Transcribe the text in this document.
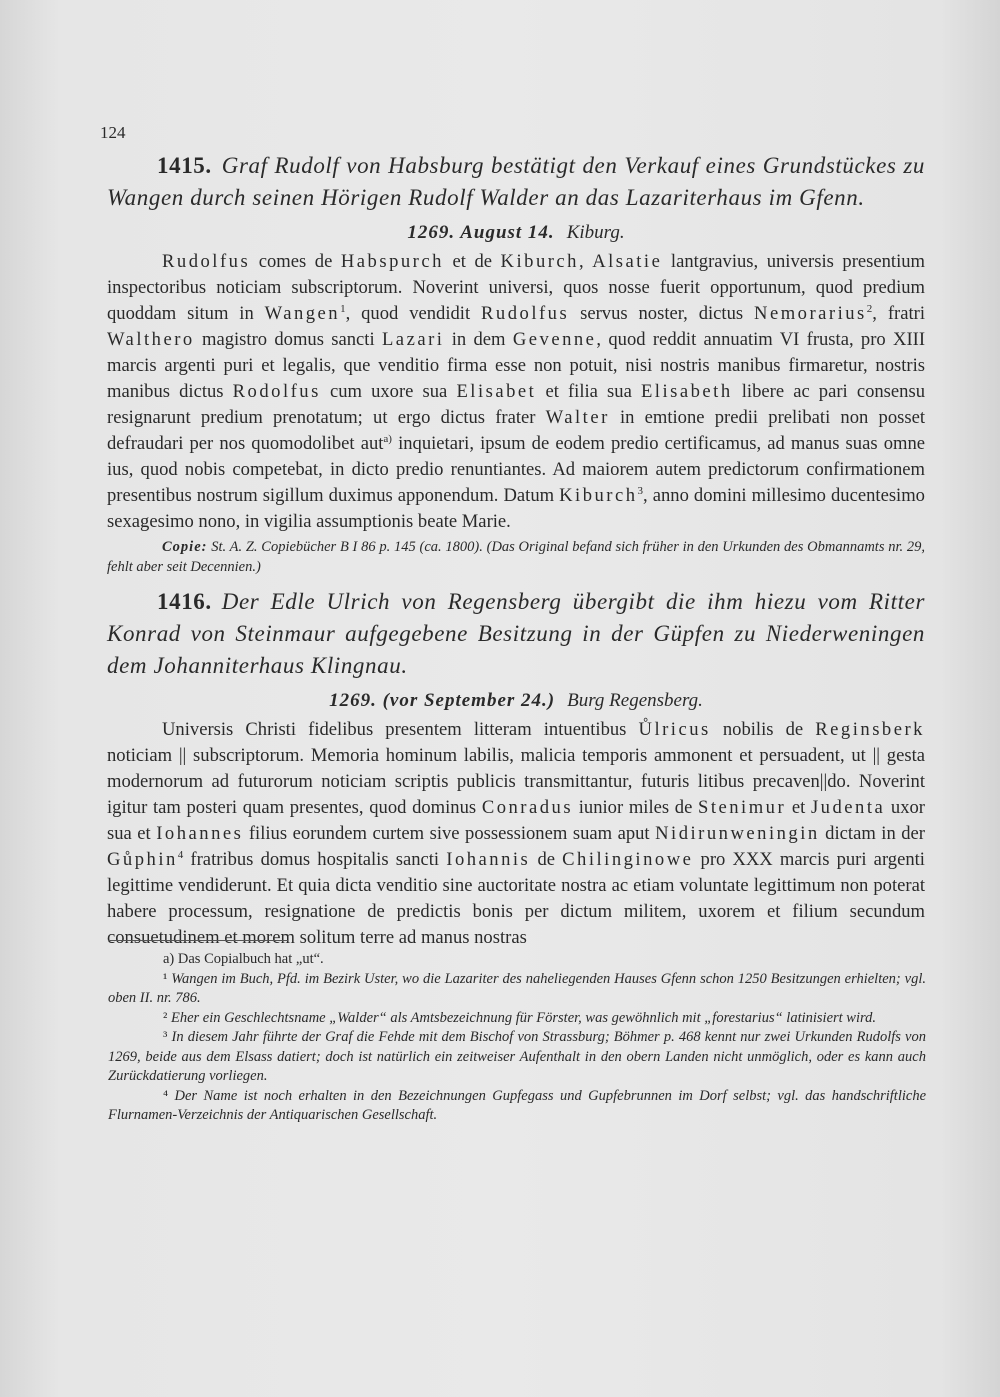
124
1415. Graf Rudolf von Habsburg bestätigt den Verkauf eines Grundstückes zu Wangen durch seinen Hörigen Rudolf Walder an das Lazariterhaus im Gfenn.
1269. August 14. Kiburg.

Rudolfus comes de Habspurch et de Kiburch, Alsatie lantgravius, universis presentium inspectoribus noticiam subscriptorum. Noverint universi, quos nosse fuerit opportunum, quod predium quoddam situm in Wangen$^1$, quod vendidit Rudolfus servus noster, dictus Nemorarius$^2$, fratri Walthero magistro domus sancti Lazari in dem Gevenne, quod reddit annuatim VI frusta, pro XIII marcis argenti puri et legalis, que venditio firma esse non potuit, nisi nostris manibus firmaretur, nostris manibus dictus Rodolfus cum uxore sua Elisabet et filia sua Elisabeth libere ac pari consensu resignarunt predium prenotatum; ut ergo dictus frater Walter in emtione predii prelibati non posset defraudari per nos quomodolibet aut$^{a)}$ inquietari, ipsum de eodem predio certificamus, ad manus suas omne ius, quod nobis competebat, in dicto predio renuntiantes. Ad maiorem autem predictorum confirmationem presentibus nostrum sigillum duximus apponendum. Datum Kiburch$^3$, anno domini millesimo ducentesimo sexagesimo nono, in vigilia assumptionis beate Marie.

Copie: St. A. Z. Copiebücher B I 86 p. 145 (ca. 1800). (Das Original befand sich früher in den Urkunden des Obmannamts nr. 29, fehlt aber seit Decennien.)
1416. Der Edle Ulrich von Regensberg übergibt die ihm hiezu vom Ritter Konrad von Steinmaur aufgegebene Besitzung in der Güpfen zu Niederweningen dem Johanniterhaus Klingnau.
1269. (vor September 24.) Burg Regensberg.

Universis Christi fidelibus presentem litteram intuentibus Ůlricus nobilis de Reginsberk noticiam || subscriptorum. Memoria hominum labilis, malicia temporis ammonent et persuadent, ut || gesta modernorum ad futurorum noticiam scriptis publicis transmittantur, futuris litibus precaven||do. Noverint igitur tam posteri quam presentes, quod dominus Conradus iunior miles de Stenimur et Judenta uxor sua et Iohannes filius eorundem curtem sive possessionem suam aput Nidirunweningin dictam in der Gůphin$^4$ fratribus domus hospitalis sancti Iohannis de Chilinginowe pro XXX marcis puri argenti legittime vendiderunt. Et quia dicta venditio sine auctoritate nostra ac etiam voluntate legittimum non poterat habere processum, resignatione de predictis bonis per dictum militem, uxorem et filium secundum consuetudinem et morem solitum terre ad manus nostras

a) Das Copialbuch hat „ut“.

¹ Wangen im Buch, Pfd. im Bezirk Uster, wo die Lazariter des naheliegenden Hauses Gfenn schon 1250 Besitzungen erhielten; vgl. oben II. nr. 786.

² Eher ein Geschlechtsname „Walder“ als Amtsbezeichnung für Förster, was gewöhnlich mit „forestarius“ latinisiert wird.

³ In diesem Jahr führte der Graf die Fehde mit dem Bischof von Strassburg; Böhmer p. 468 kennt nur zwei Urkunden Rudolfs von 1269, beide aus dem Elsass datiert; doch ist natürlich ein zeitweiser Aufenthalt in den obern Landen nicht unmöglich, oder es kann auch Zurückdatierung vorliegen.

⁴ Der Name ist noch erhalten in den Bezeichnungen Gupfegass und Gupfebrunnen im Dorf selbst; vgl. das handschriftliche Flurnamen-Verzeichnis der Antiquarischen Gesellschaft.
